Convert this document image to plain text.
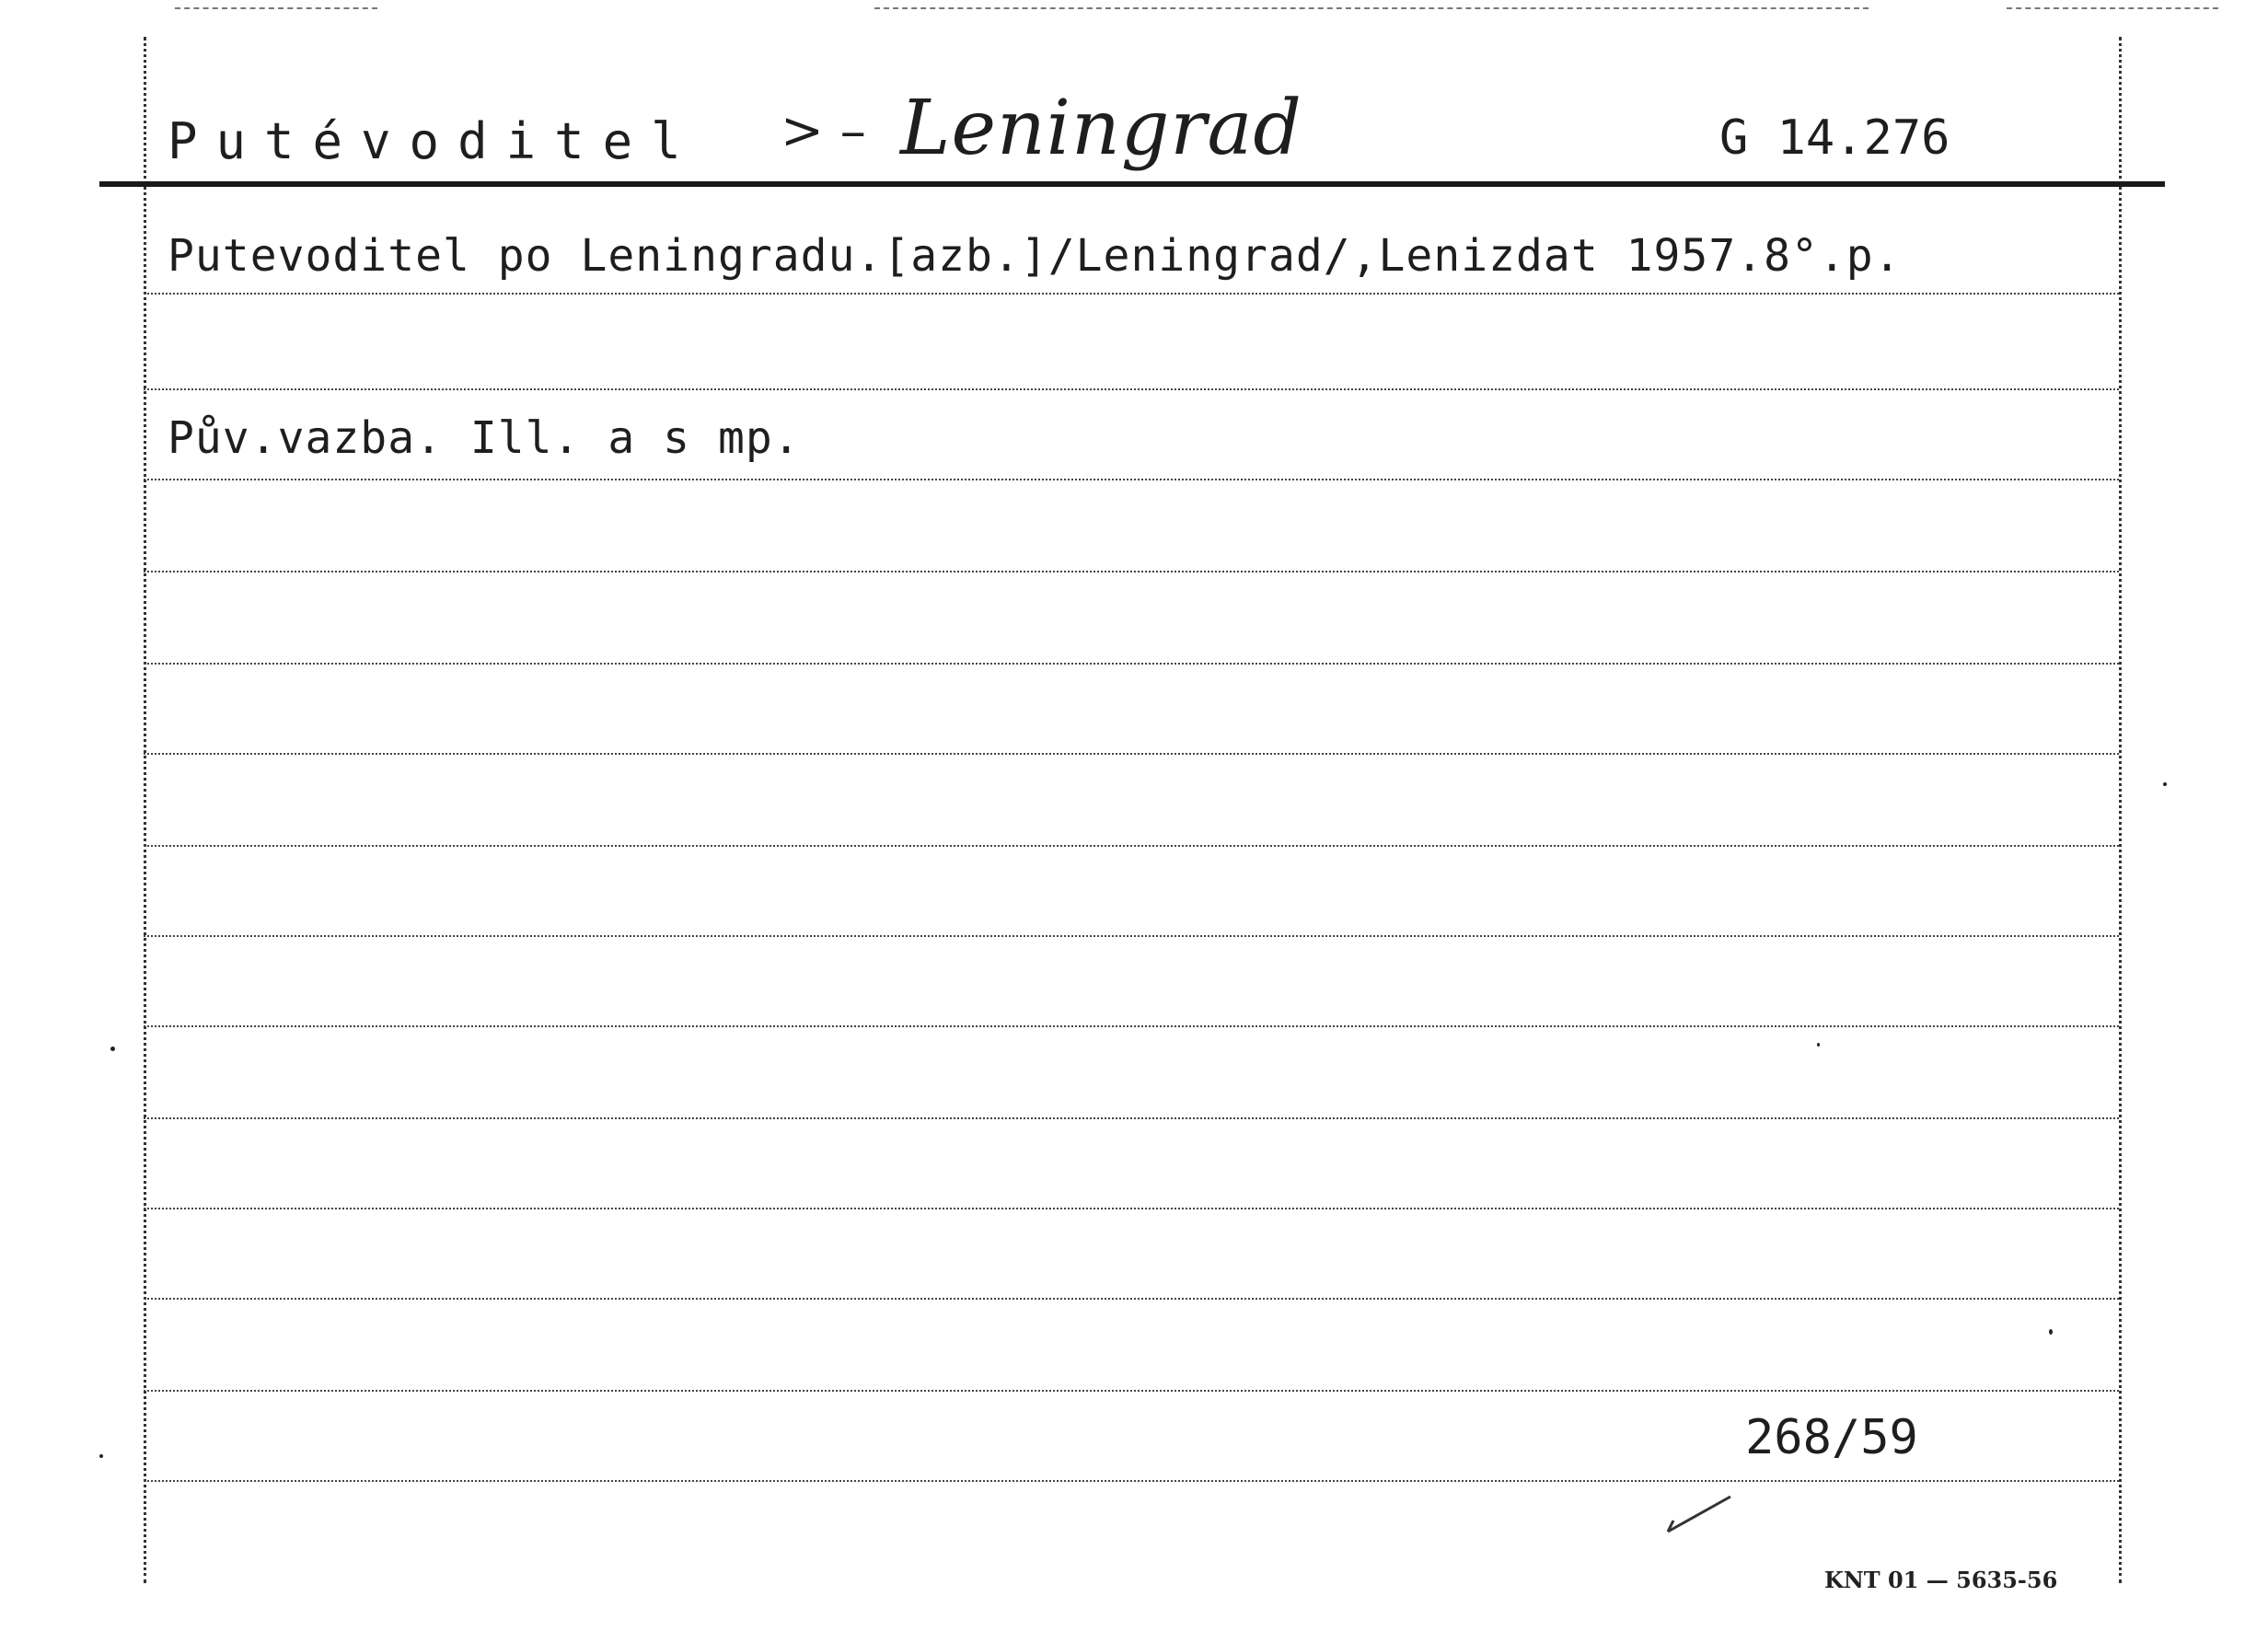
Putévoditel > – Leningrad	G 14.276
Putevoditel po Leningradu.[azb.]/Leningrad/,Lenizdat 1957.8°.p.
Pův.vazba. Ill. a s mp.
268/59
KNT 01 — 5635-56
